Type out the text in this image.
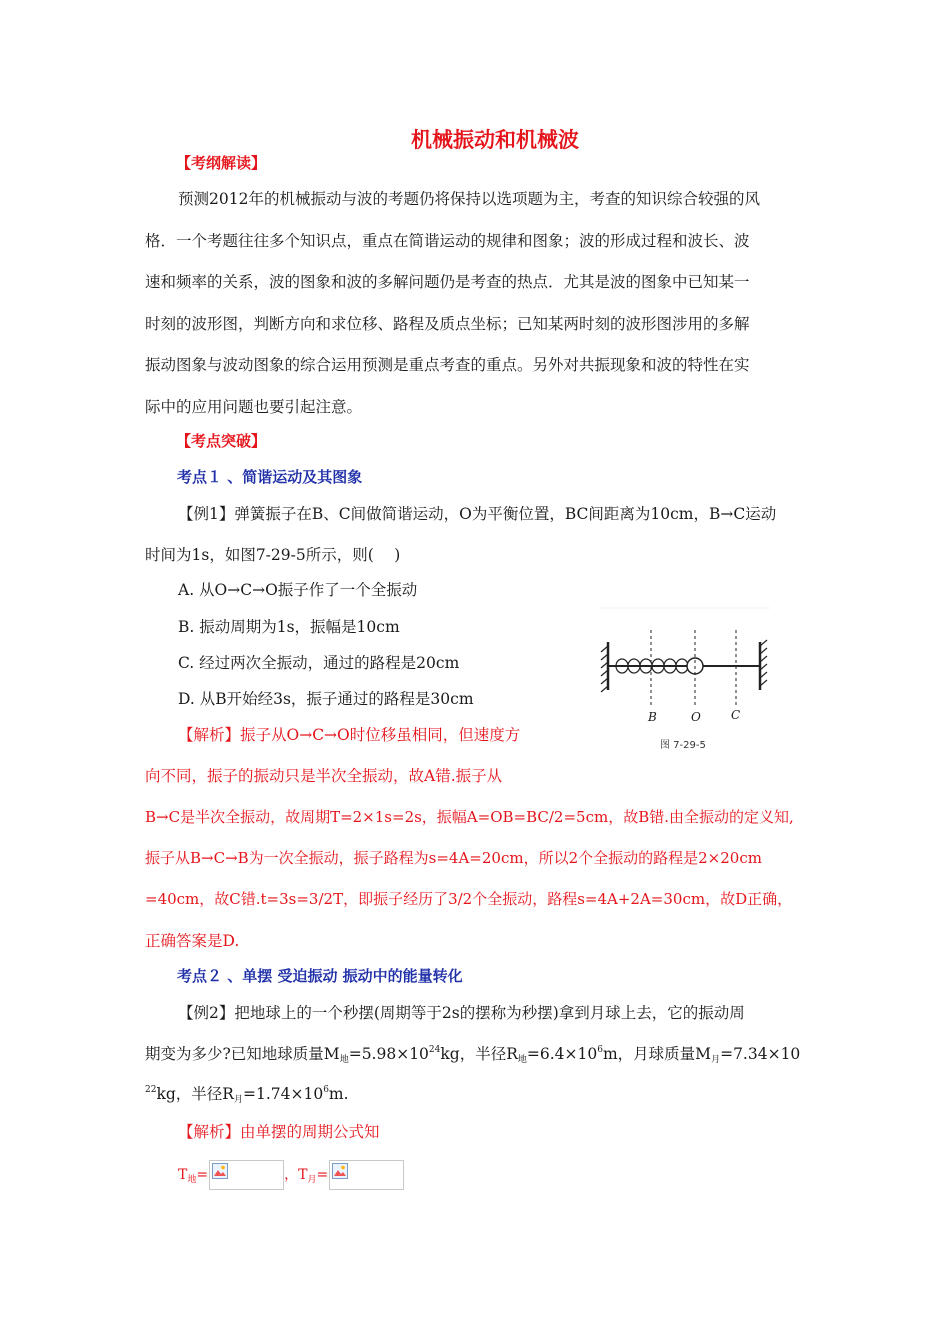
机械振动和机械波
【考纲解读】
预测2012年的机械振动与波的考题仍将保持以选项题为主，考查的知识综合较强的风
格．一个考题往往多个知识点，重点在简谐运动的规律和图象；波的形成过程和波长、波
速和频率的关系，波的图象和波的多解问题仍是考查的热点．尤其是波的图象中已知某一
时刻的波形图，判断方向和求位移、路程及质点坐标；已知某两时刻的波形图涉用的多解
振动图象与波动图象的综合运用预测是重点考查的重点。另外对共振现象和波的特性在实
际中的应用问题也要引起注意。
【考点突破】
考点１ 、简谐运动及其图象
【例1】弹簧振子在B、C间做简谐运动，O为平衡位置，BC间距离为10cm，B→C运动
时间为1s，如图7-29-5所示，则(　 )
A. 从O→C→O振子作了一个全振动
B. 振动周期为1s，振幅是10cm
C. 经过两次全振动，通过的路程是20cm
D. 从B开始经3s，振子通过的路程是30cm
B	O	C
图 7-29-5
【解析】振子从O→C→O时位移虽相同，但速度方
向不同，振子的振动只是半次全振动，故A错.振子从
B→C是半次全振动，故周期T=2×1s=2s，振幅A=OB=BC/2=5cm，故B错.由全振动的定义知,
振子从B→C→B为一次全振动，振子路程为s=4A=20cm，所以2个全振动的路程是2×20cm
=40cm，故C错.t=3s=3/2T，即振子经历了3/2个全振动，路程s=4A+2A=30cm，故D正确，
正确答案是D.
考点２ 、单摆 受迫振动 振动中的能量转化
【例2】把地球上的一个秒摆(周期等于2s的摆称为秒摆)拿到月球上去，它的振动周
期变为多少?已知地球质量$M_地=5.98\times 10^{24}kg$，半径$R_地=6.4\times 10^6m$，月球质量$M_月=7.34\times 10$
$^{22}$kg，半径$R_月=1.74\times 10^6m$.
【解析】由单摆的周期公式知
$T_地=$	，$T_月=$
